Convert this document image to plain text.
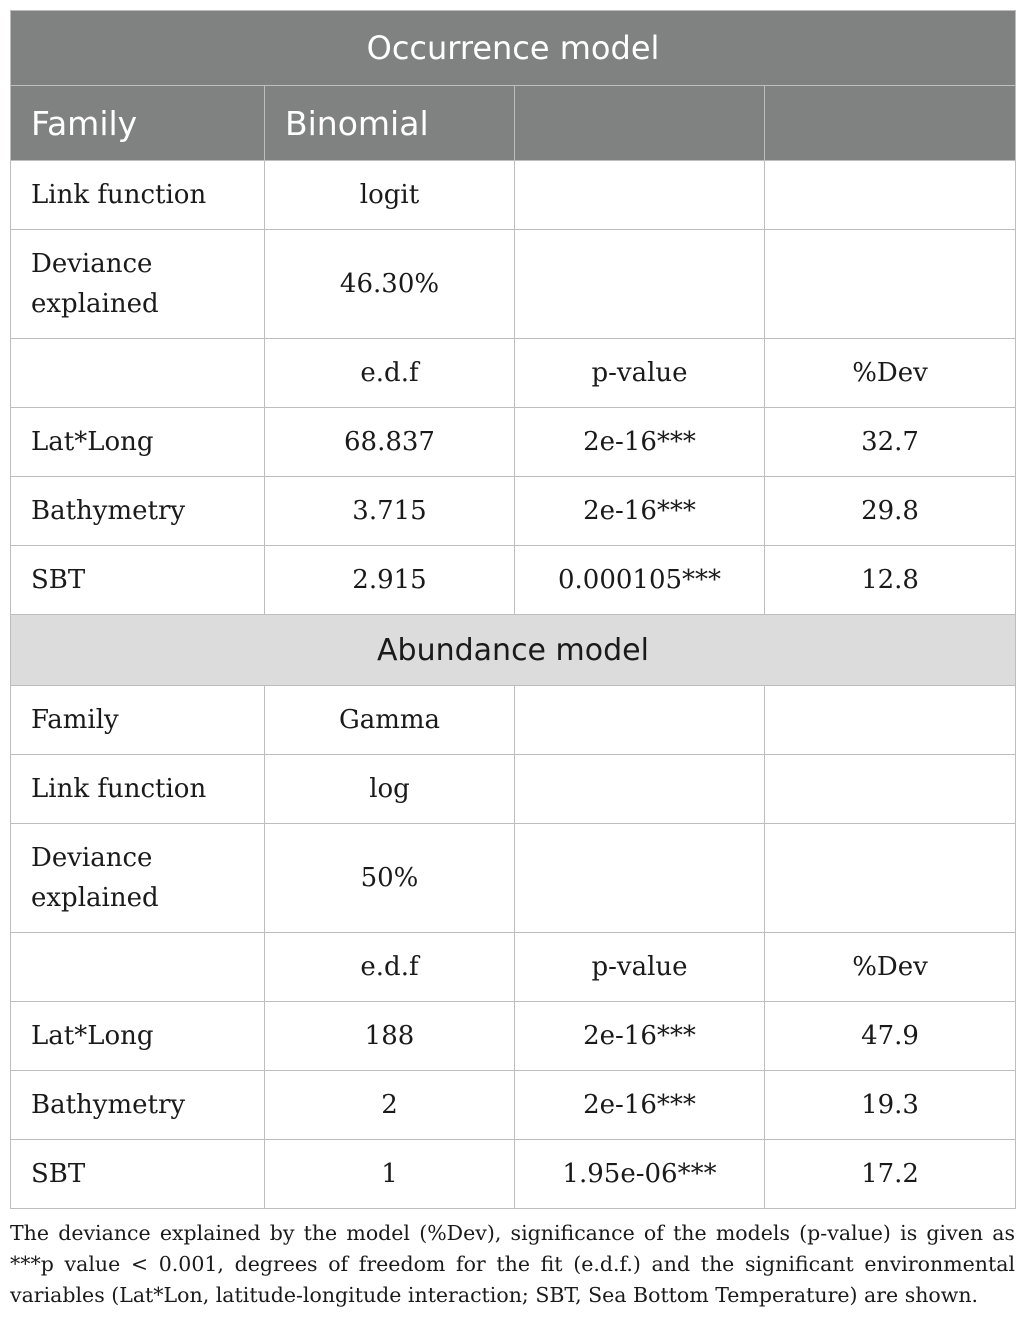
Occurrence model			
Family	Binomial		
Link function	logit		
Deviance explained	46.30%		
	e.d.f	p-value	%Dev
Lat*Long	68.837	2e-16***	32.7
Bathymetry	3.715	2e-16***	29.8
SBT	2.915	0.000105***	12.8
Abundance model			
Family	Gamma		
Link function	log		
Deviance explained	50%		
	e.d.f	p-value	%Dev
Lat*Long	188	2e-16***	47.9
Bathymetry	2	2e-16***	19.3
SBT	1	1.95e-06***	17.2

The deviance explained by the model (%Dev), significance of the models (p-value) is given as ***p value < 0.001, degrees of freedom for the fit (e.d.f.) and the significant environmental variables (Lat*Lon, latitude-longitude interaction; SBT, Sea Bottom Temperature) are shown.
